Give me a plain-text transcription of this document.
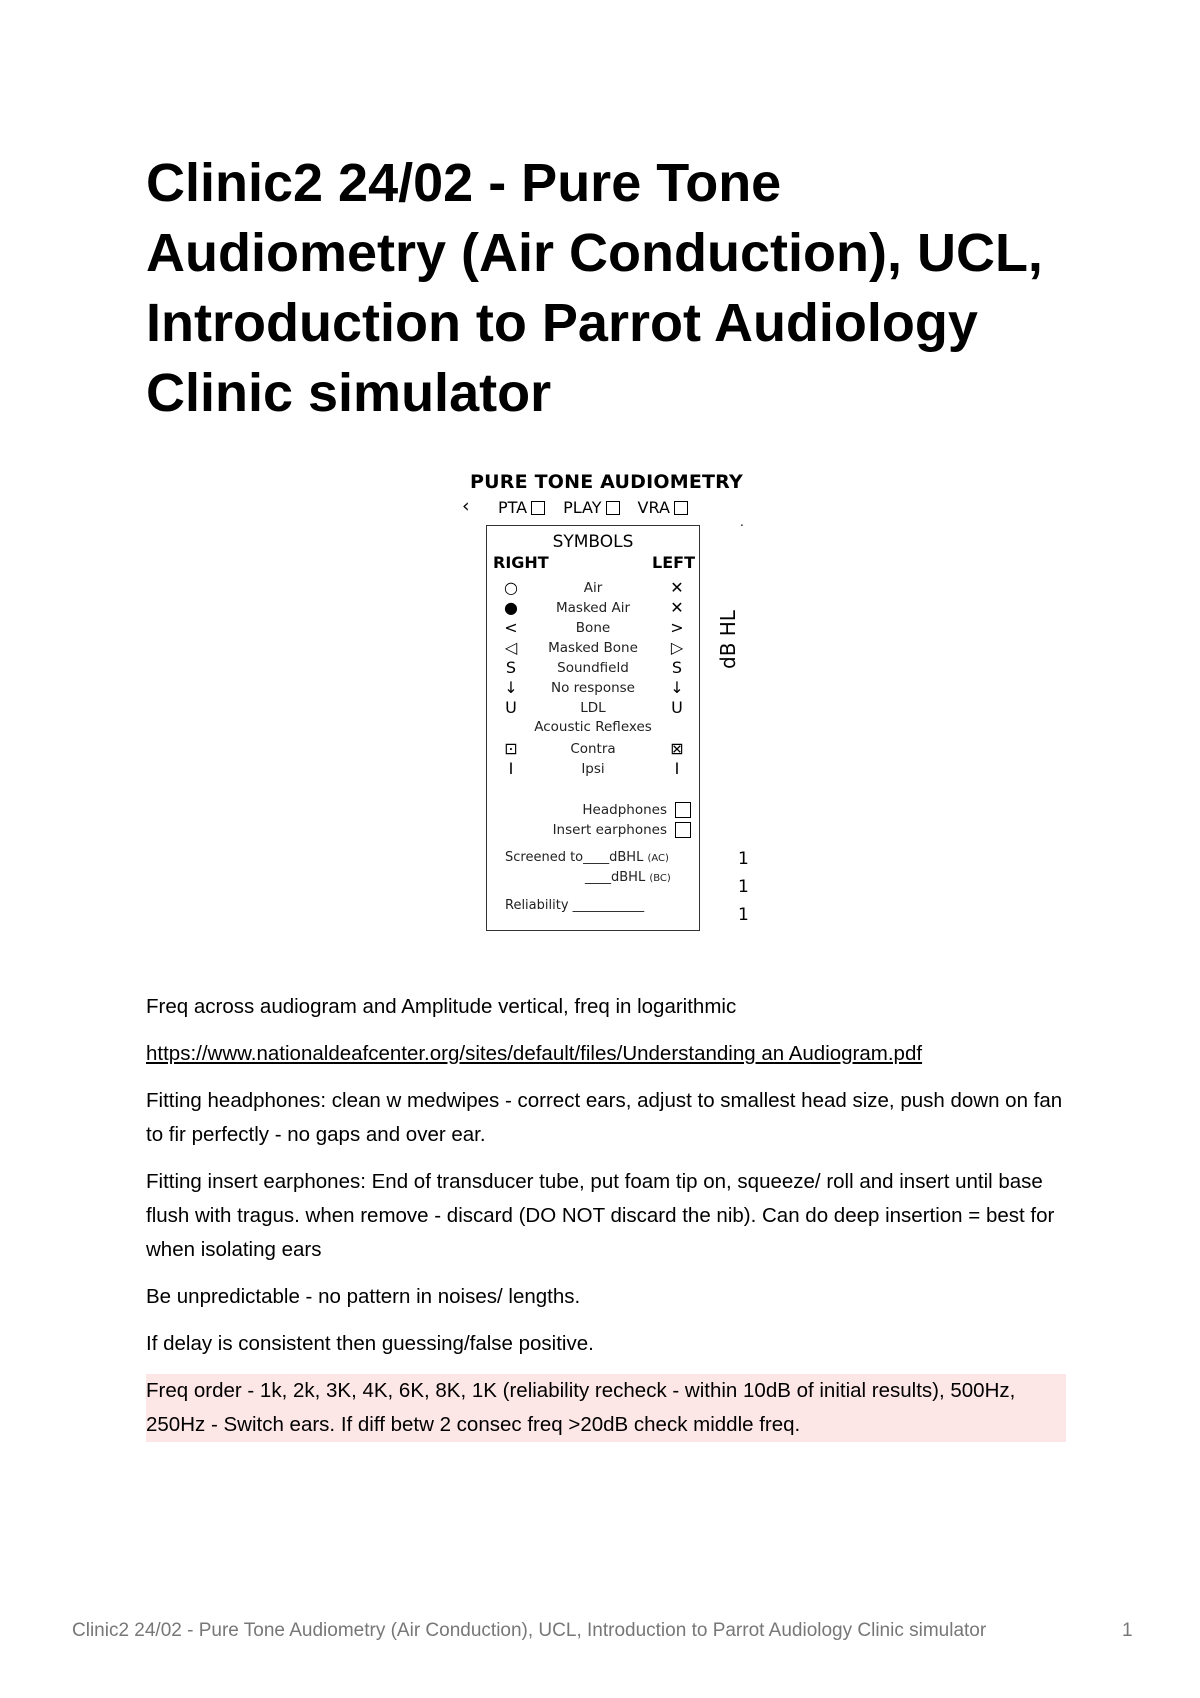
Clinic2 24/02 - Pure Tone Audiometry (Air Conduction), UCL, Introduction to Parrot Audiology Clinic simulator
PURE TONE AUDIOMETRY
‹ PTA PLAY VRA
.
SYMBOLS
RIGHT	LEFT
○	Air	✕
●	Masked Air	✕
<	Bone	>
◁	Masked Bone	▷
S	Soundfield	S
↓	No response	↓
U	LDL	U
Acoustic Reflexes
⊡	Contra	⊠
I	Ipsi	I
Headphones
Insert earphones
Screened to____dBHL (AC)
____dBHL (BC)
Reliability ___________
dB HL
1
1
1

Freq across audiogram and Amplitude vertical, freq in logarithmic

https://www.nationaldeafcenter.org/sites/default/files/Understanding an Audiogram.pdf

Fitting headphones: clean w medwipes - correct ears, adjust to smallest head size, push down on fan to fir perfectly - no gaps and over ear.

Fitting insert earphones: End of transducer tube, put foam tip on, squeeze/ roll and insert until base flush with tragus. when remove - discard (DO NOT discard the nib). Can do deep insertion = best for when isolating ears

Be unpredictable - no pattern in noises/ lengths.

If delay is consistent then guessing/false positive.

Freq order - 1k, 2k, 3K, 4K, 6K, 8K, 1K (reliability recheck - within 10dB of initial results), 500Hz, 250Hz - Switch ears. If diff betw 2 consec freq >20dB check middle freq.

Clinic2 24/02 - Pure Tone Audiometry (Air Conduction), UCL, Introduction to Parrot Audiology Clinic simulator	1
